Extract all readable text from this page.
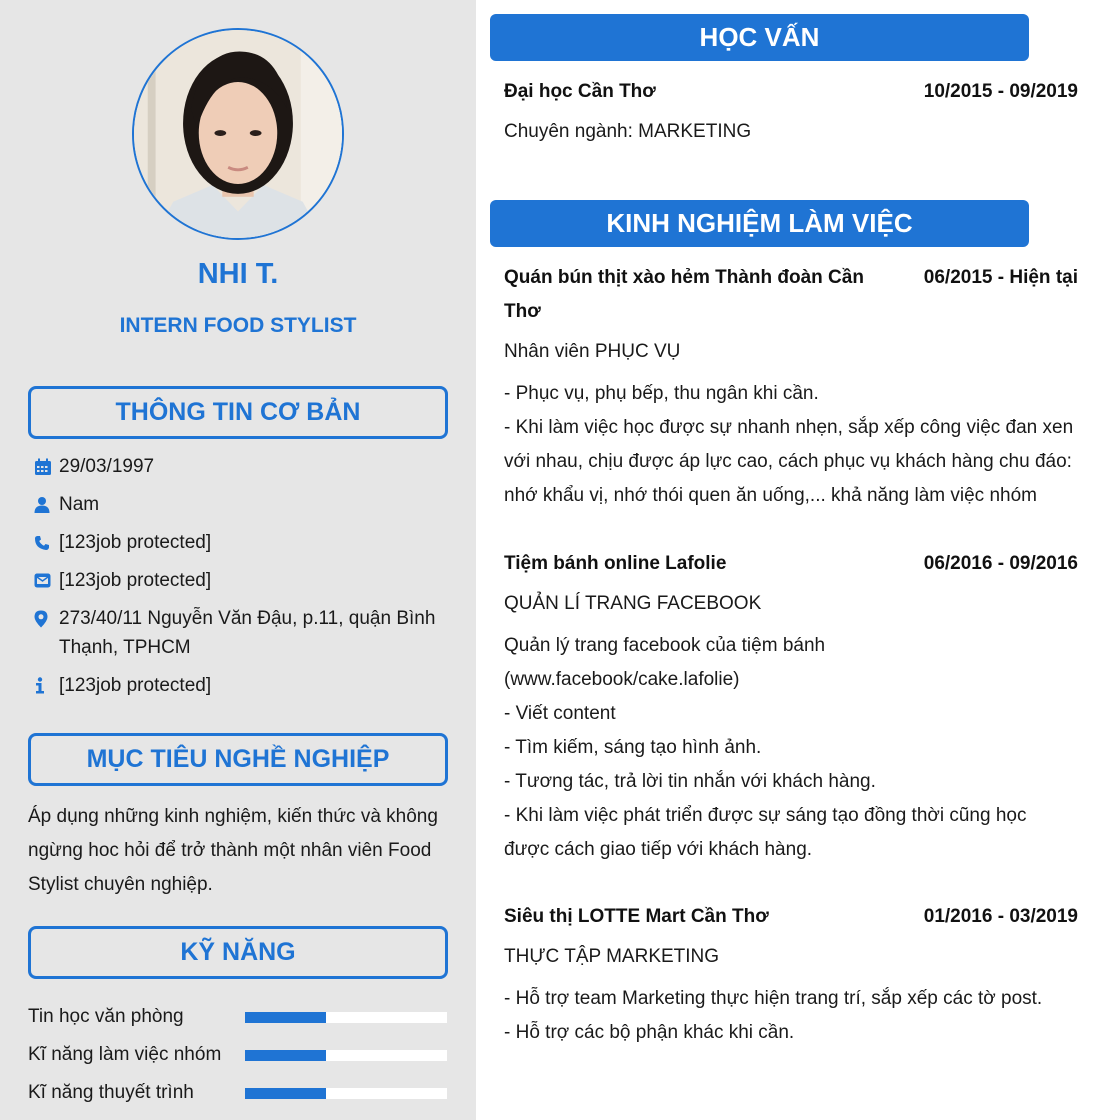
NHI T.
INTERN FOOD STYLIST
THÔNG TIN CƠ BẢN
29/03/1997
Nam
[123job protected]
[123job protected]
273/40/11 Nguyễn Văn Đậu, p.11, quận Bình Thạnh, TPHCM
[123job protected]
MỤC TIÊU NGHỀ NGHIỆP
Áp dụng những kinh nghiệm, kiến thức và không ngừng hoc hỏi để trở thành một nhân viên Food Stylist chuyên nghiệp.
KỸ NĂNG
Tin học văn phòng
Kĩ năng làm việc nhóm
Kĩ năng thuyết trình
HỌC VẤN
Đại học Cần Thơ	10/2015 - 09/2019
Chuyên ngành: MARKETING
KINH NGHIỆM LÀM VIỆC
Quán bún thịt xào hẻm Thành đoàn Cần Thơ
06/2015 - Hiện tại
Nhân viên PHỤC VỤ
- Phục vụ, phụ bếp, thu ngân khi cần.
- Khi làm việc học được sự nhanh nhẹn, sắp xếp công việc đan xen với nhau, chịu được áp lực cao, cách phục vụ khách hàng chu đáo: nhớ khẩu vị, nhớ thói quen ăn uống,... khả năng làm việc nhóm
Tiệm bánh online Lafolie	06/2016 - 09/2016
QUẢN LÍ TRANG FACEBOOK
Quản lý trang facebook của tiệm bánh (www.facebook/cake.lafolie)
- Viết content
- Tìm kiếm, sáng tạo hình ảnh.
- Tương tác, trả lời tin nhắn với khách hàng.
- Khi làm việc phát triển được sự sáng tạo đồng thời cũng học được cách giao tiếp với khách hàng.
Siêu thị LOTTE Mart Cần Thơ	01/2016 - 03/2019
THỰC TẬP MARKETING
- Hỗ trợ team Marketing thực hiện trang trí, sắp xếp các tờ post.
- Hỗ trợ các bộ phận khác khi cần.
